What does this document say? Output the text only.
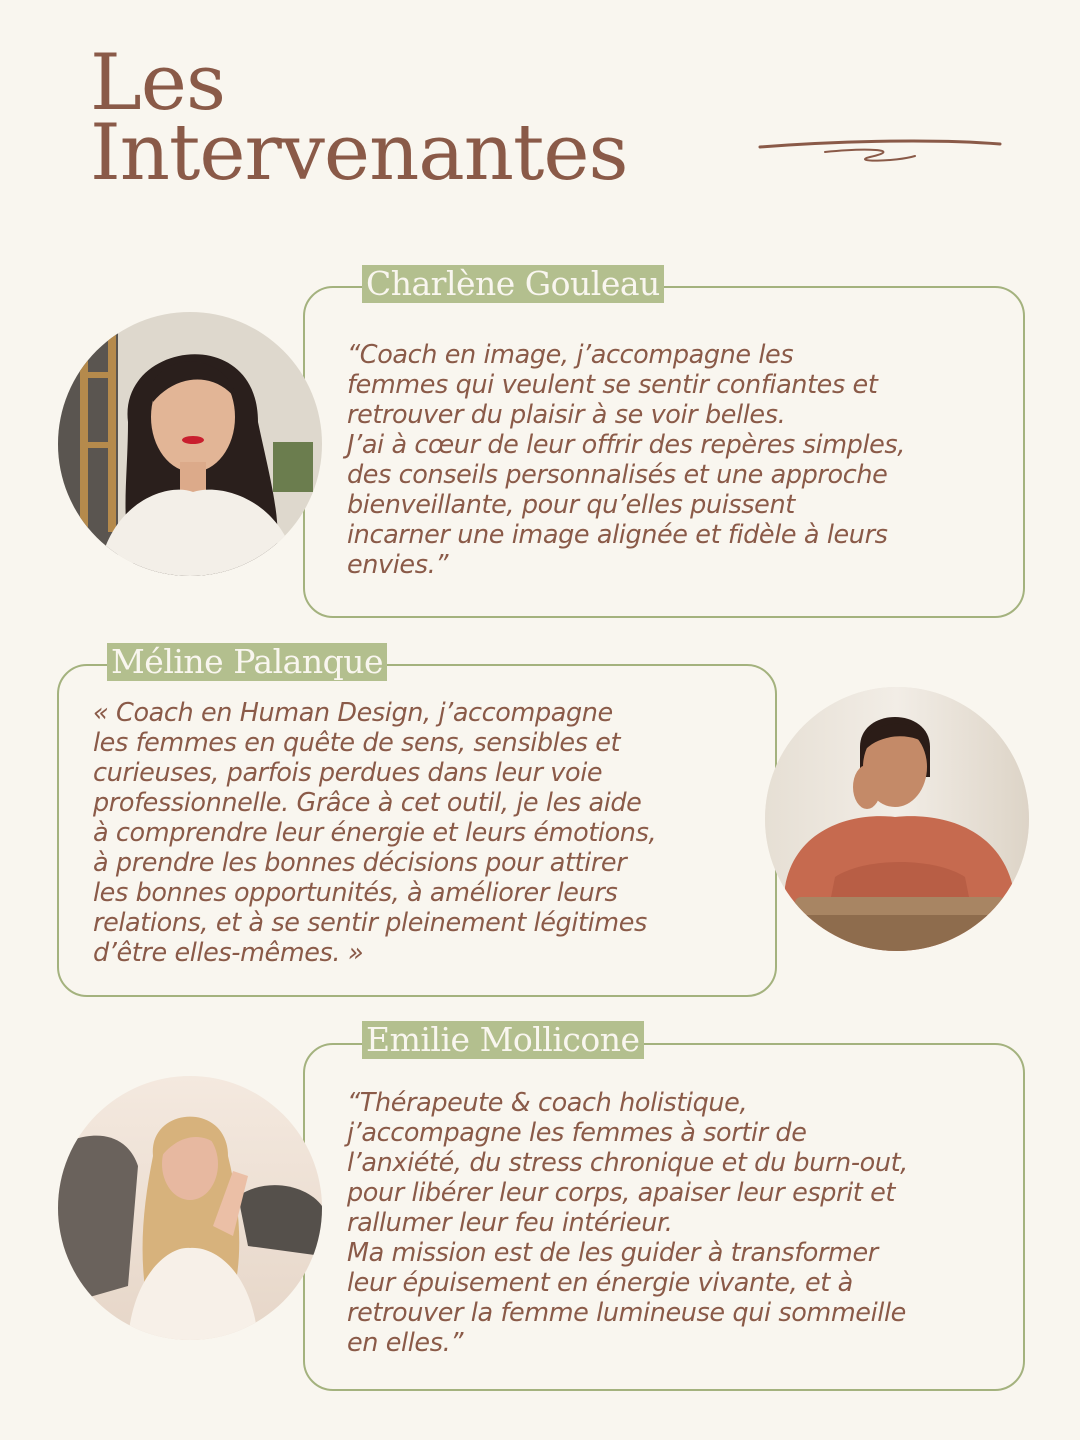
Les
Intervenantes
Charlène Gouleau

“Coach en image, j’accompagne les
femmes qui veulent se sentir confiantes et
retrouver du plaisir à se voir belles.
J’ai à cœur de leur offrir des repères simples,
des conseils personnalisés et une approche
bienveillante, pour qu’elles puissent
incarner une image alignée et fidèle à leurs
envies.”

Méline Palanque

« Coach en Human Design, j’accompagne
les femmes en quête de sens, sensibles et
curieuses, parfois perdues dans leur voie
professionnelle. Grâce à cet outil, je les aide
à comprendre leur énergie et leurs émotions,
à prendre les bonnes décisions pour attirer
les bonnes opportunités, à améliorer leurs
relations, et à se sentir pleinement légitimes
d’être elles-mêmes. »

Emilie Mollicone

“Thérapeute & coach holistique,
j’accompagne les femmes à sortir de
l’anxiété, du stress chronique et du burn-out,
pour libérer leur corps, apaiser leur esprit et
rallumer leur feu intérieur.
Ma mission est de les guider à transformer
leur épuisement en énergie vivante, et à
retrouver la femme lumineuse qui sommeille
en elles.”
